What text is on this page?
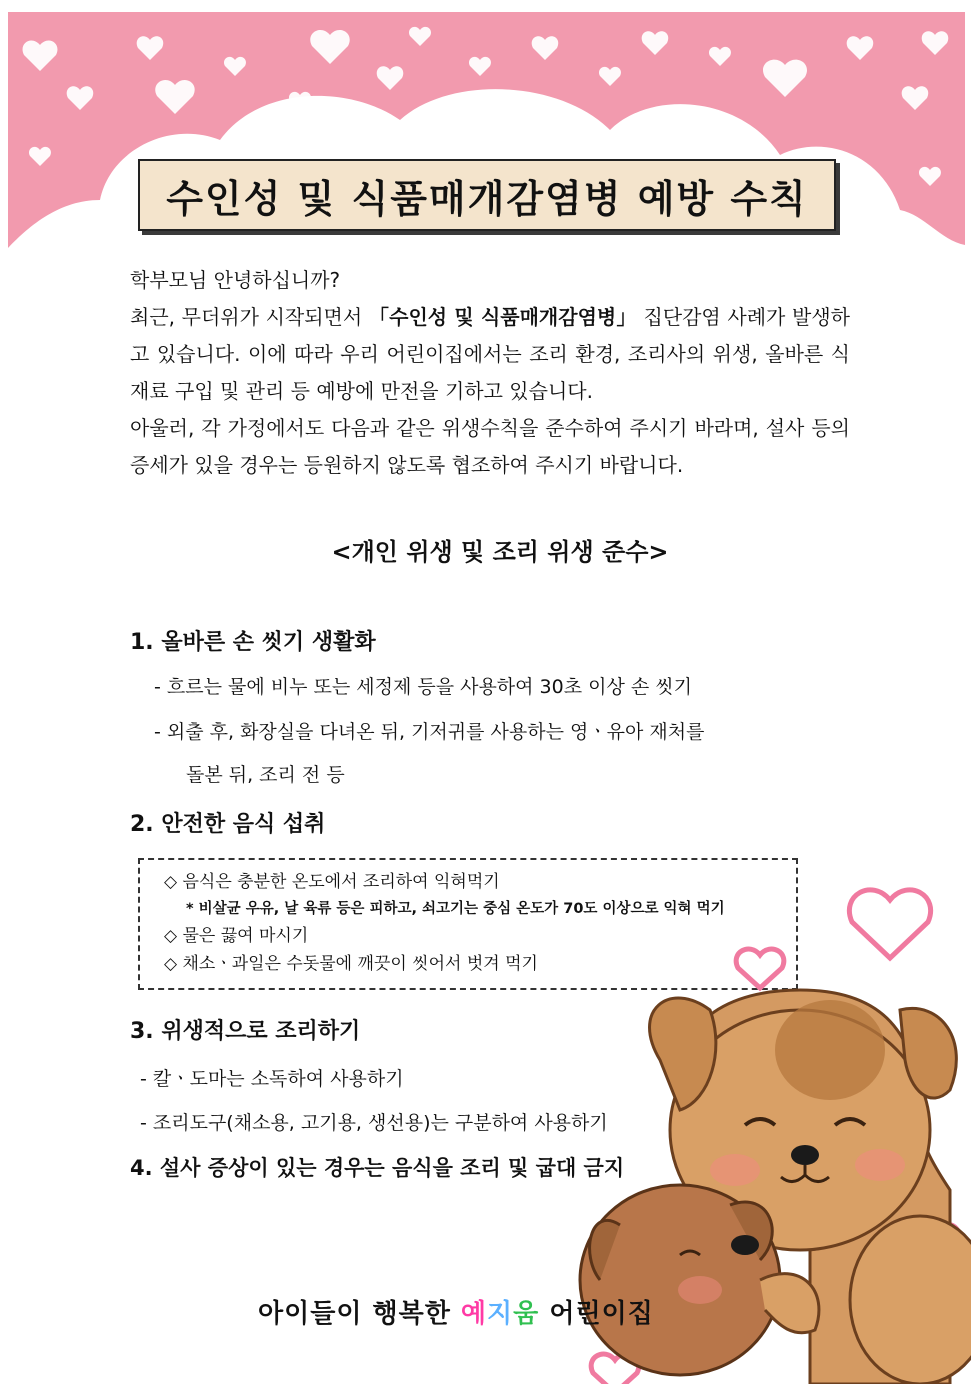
수인성 및 식품매개감염병 예방 수칙

학부모님 안녕하십니까?

최근, 무더위가 시작되면서 「수인성 및 식품매개감염병」 집단감염 사례가 발생하고 있습니다. 이에 따라 우리 어린이집에서는 조리 환경, 조리사의 위생, 올바른 식재료 구입 및 관리 등 예방에 만전을 기하고 있습니다.

아울러, 각 가정에서도 다음과 같은 위생수칙을 준수하여 주시기 바라며, 설사 등의 증세가 있을 경우는 등원하지 않도록 협조하여 주시기 바랍니다.

<개인 위생 및 조리 위생 준수>
1. 올바른 손 씻기 생활화
- 흐르는 물에 비누 또는 세정제 등을 사용하여 30초 이상 손 씻기
- 외출 후, 화장실을 다녀온 뒤, 기저귀를 사용하는 영ㆍ유아 재처를
돌본 뒤, 조리 전 등
2. 안전한 음식 섭취
◇ 음식은 충분한 온도에서 조리하여 익혀먹기
* 비살균 우유, 날 육류 등은 피하고, 쇠고기는 중심 온도가 70도 이상으로 익혀 먹기
◇ 물은 끓여 마시기
◇ 채소ㆍ과일은 수돗물에 깨끗이 씻어서 벗겨 먹기
3. 위생적으로 조리하기
- 칼ㆍ도마는 소독하여 사용하기
- 조리도구(채소용, 고기용, 생선용)는 구분하여 사용하기
4. 설사 증상이 있는 경우는 음식을 조리 및 굽대 금지
아이들이 행복한 예지움 어린이집
